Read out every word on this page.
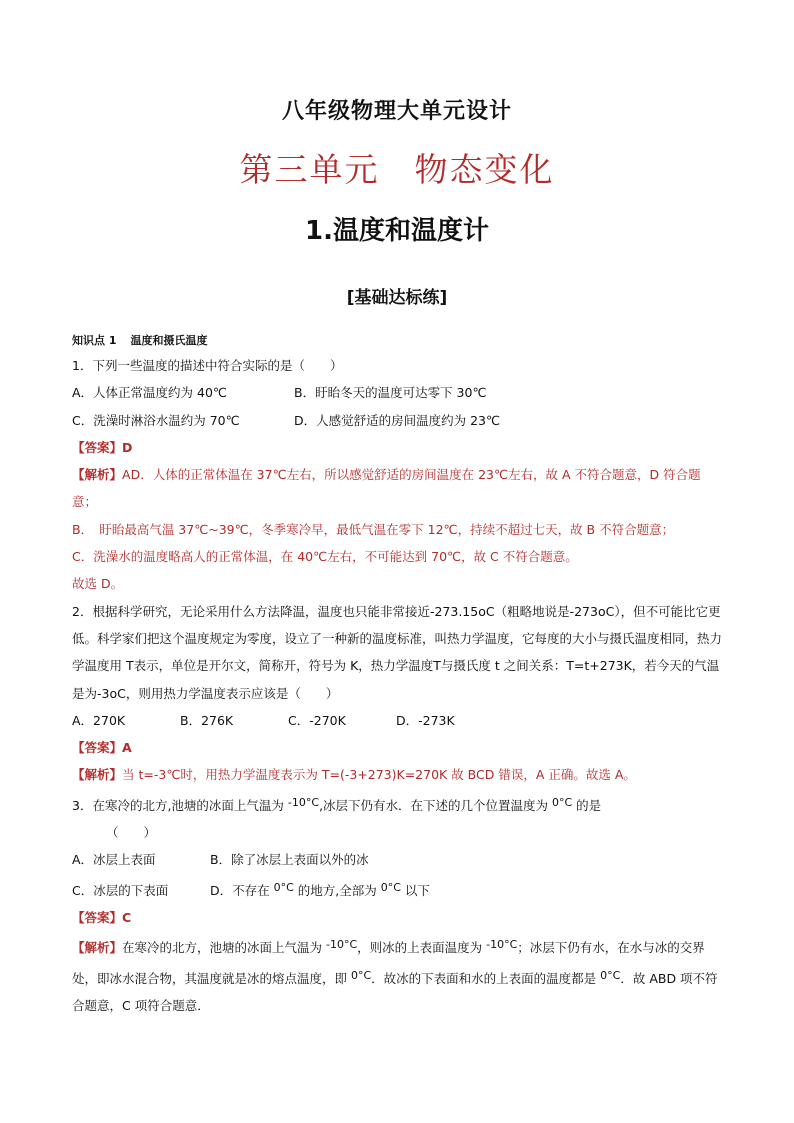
八年级物理大单元设计
第三单元　物态变化
1.温度和温度计
[基础达标练]
知识点 1 温度和摄氏温度
1．下列一些温度的描述中符合实际的是（　　）
A．人体正常温度约为 40℃	B．盱眙冬天的温度可达零下 30℃
C．洗澡时淋浴水温约为 70℃	D．人感觉舒适的房间温度约为 23℃
【答案】D
【解析】AD．人体的正常体温在 37℃左右，所以感觉舒适的房间温度在 23℃左右，故 A 不符合题意，D 符合题意；
B．　盱眙最高气温 37℃~39℃，冬季寒冷早，最低气温在零下 12℃，持续不超过七天，故 B 不符合题意；
C．洗澡水的温度略高人的正常体温，在 40℃左右，不可能达到 70℃，故 C 不符合题意。
故选 D。
2．根据科学研究，无论采用什么方法降温，温度也只能非常接近-273.15oC（粗略地说是-273oC），但不可能比它更低。科学家们把这个温度规定为零度，设立了一种新的温度标准，叫热力学温度，它每度的大小与摄氏温度相同，热力学温度用 T表示，单位是开尔文，简称开，符号为 K，热力学温度T与摄氏度 t 之间关系：T=t+273K，若今天的气温是为-3oC，则用热力学温度表示应该是（　　）
A．270K	B．276K	C．-270K	D．-273K
【答案】A
【解析】当 t=-3℃时，用热力学温度表示为 T=(-3+273)K=270K 故 BCD 错误，A 正确。故选 A。
3．在寒冷的北方,池塘的冰面上气温为 -10°C,冰层下仍有水．在下述的几个位置温度为 0°C 的是
（　　）
A．冰层上表面	B．除了冰层上表面以外的冰
C．冰层的下表面	D．不存在 0°C 的地方,全部为 0°C 以下
【答案】C
【解析】在寒冷的北方，池塘的冰面上气温为 -10°C，则冰的上表面温度为 -10°C；冰层下仍有水，在水与冰的交界处，即冰水混合物，其温度就是冰的熔点温度，即 0°C．故冰的下表面和水的上表面的温度都是 0°C．故 ABD 项不符合题意，C 项符合题意．
